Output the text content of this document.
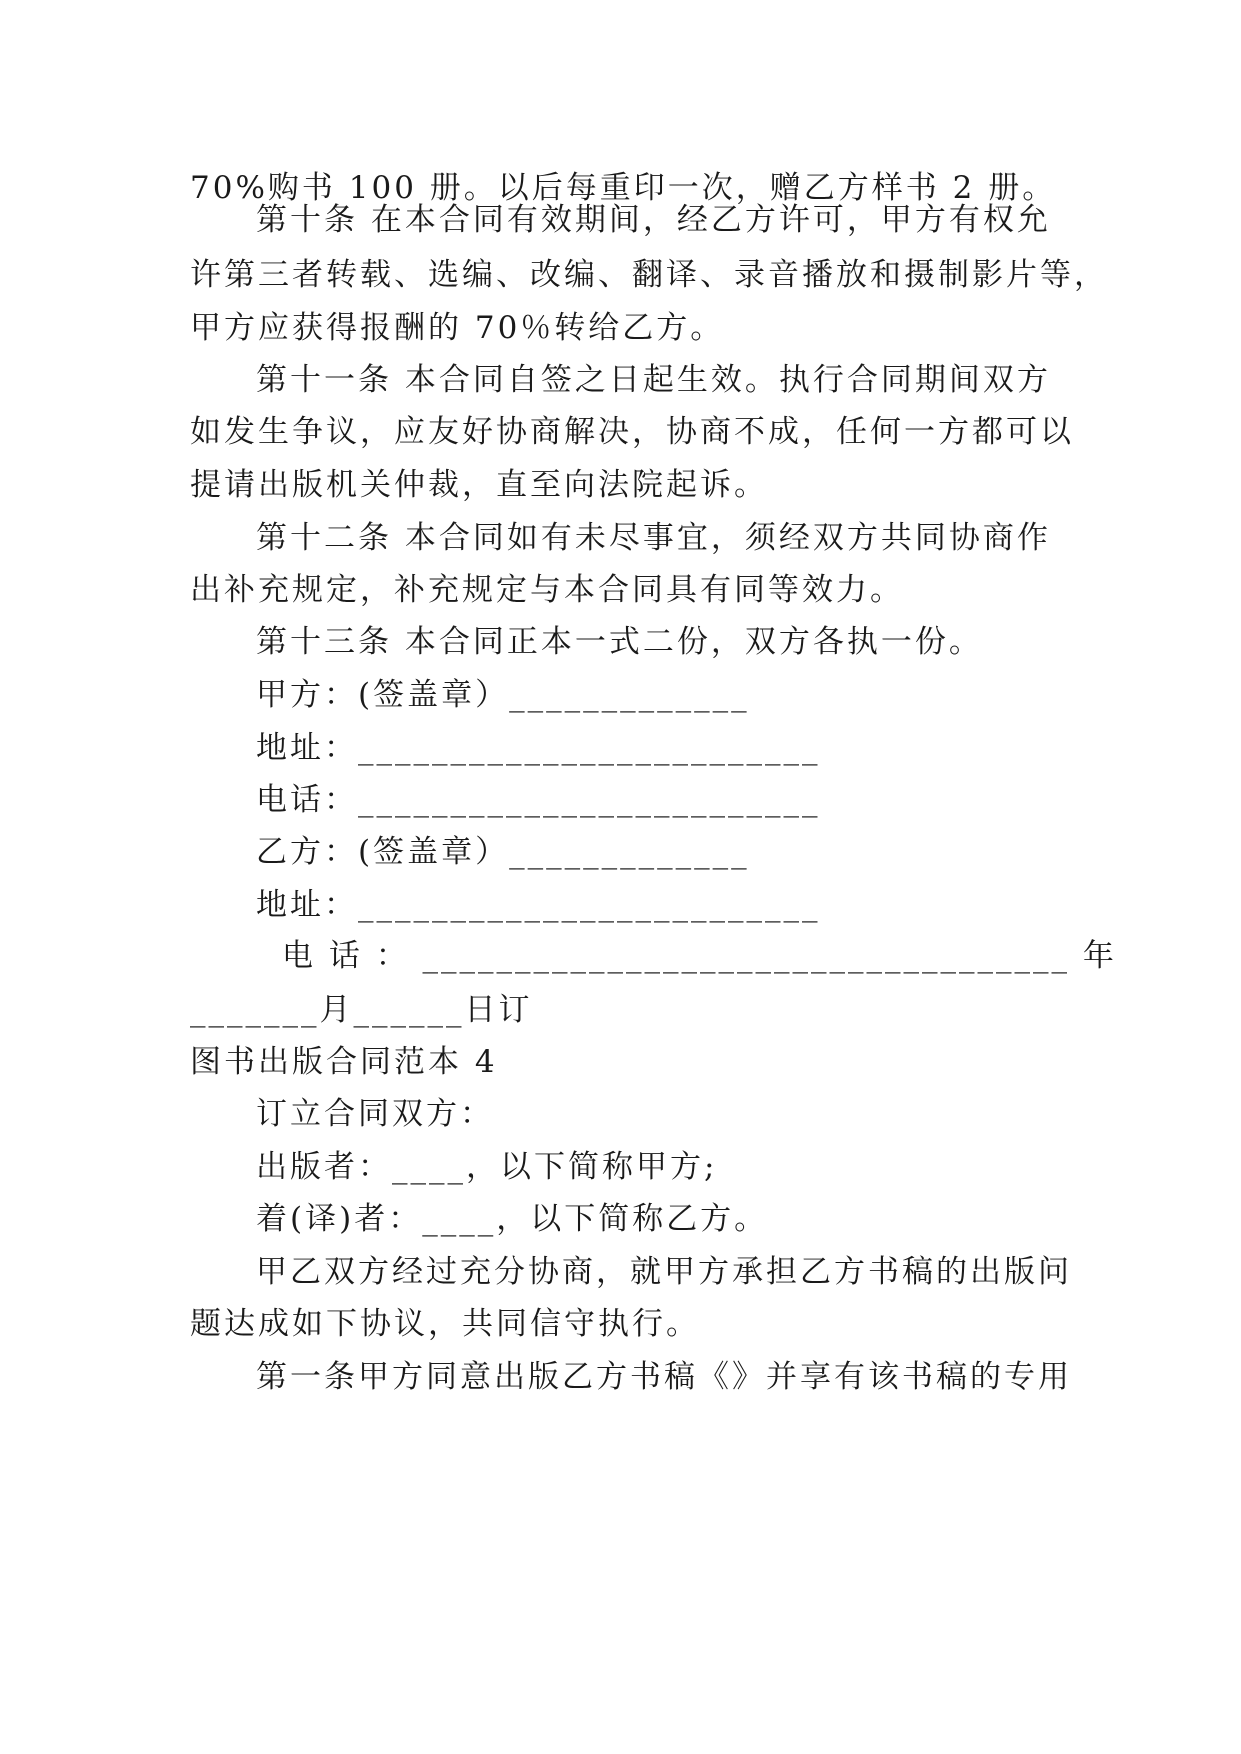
70%购书 100 册。以后每重印一次，赠乙方样书 2 册。
第十条 在本合同有效期间，经乙方许可，甲方有权允
许第三者转载、选编、改编、翻译、录音播放和摄制影片等，
甲方应获得报酬的 70％转给乙方。
第十一条 本合同自签之日起生效。执行合同期间双方
如发生争议，应友好协商解决，协商不成，任何一方都可以
提请出版机关仲裁，直至向法院起诉。
第十二条 本合同如有未尽事宜，须经双方共同协商作
出补充规定，补充规定与本合同具有同等效力。
第十三条 本合同正本一式二份，双方各执一份。
甲方：(签盖章）_____________
地址：_________________________
电话：_________________________
乙方：(签盖章）_____________
地址：_________________________
电 话 ： ___________________________________ 年
_______月______日订
图书出版合同范本 4
订立合同双方：
出版者：____，以下简称甲方;
着(译)者：____，以下简称乙方。
甲乙双方经过充分协商，就甲方承担乙方书稿的出版问
题达成如下协议，共同信守执行。
第一条甲方同意出版乙方书稿《》并享有该书稿的专用
